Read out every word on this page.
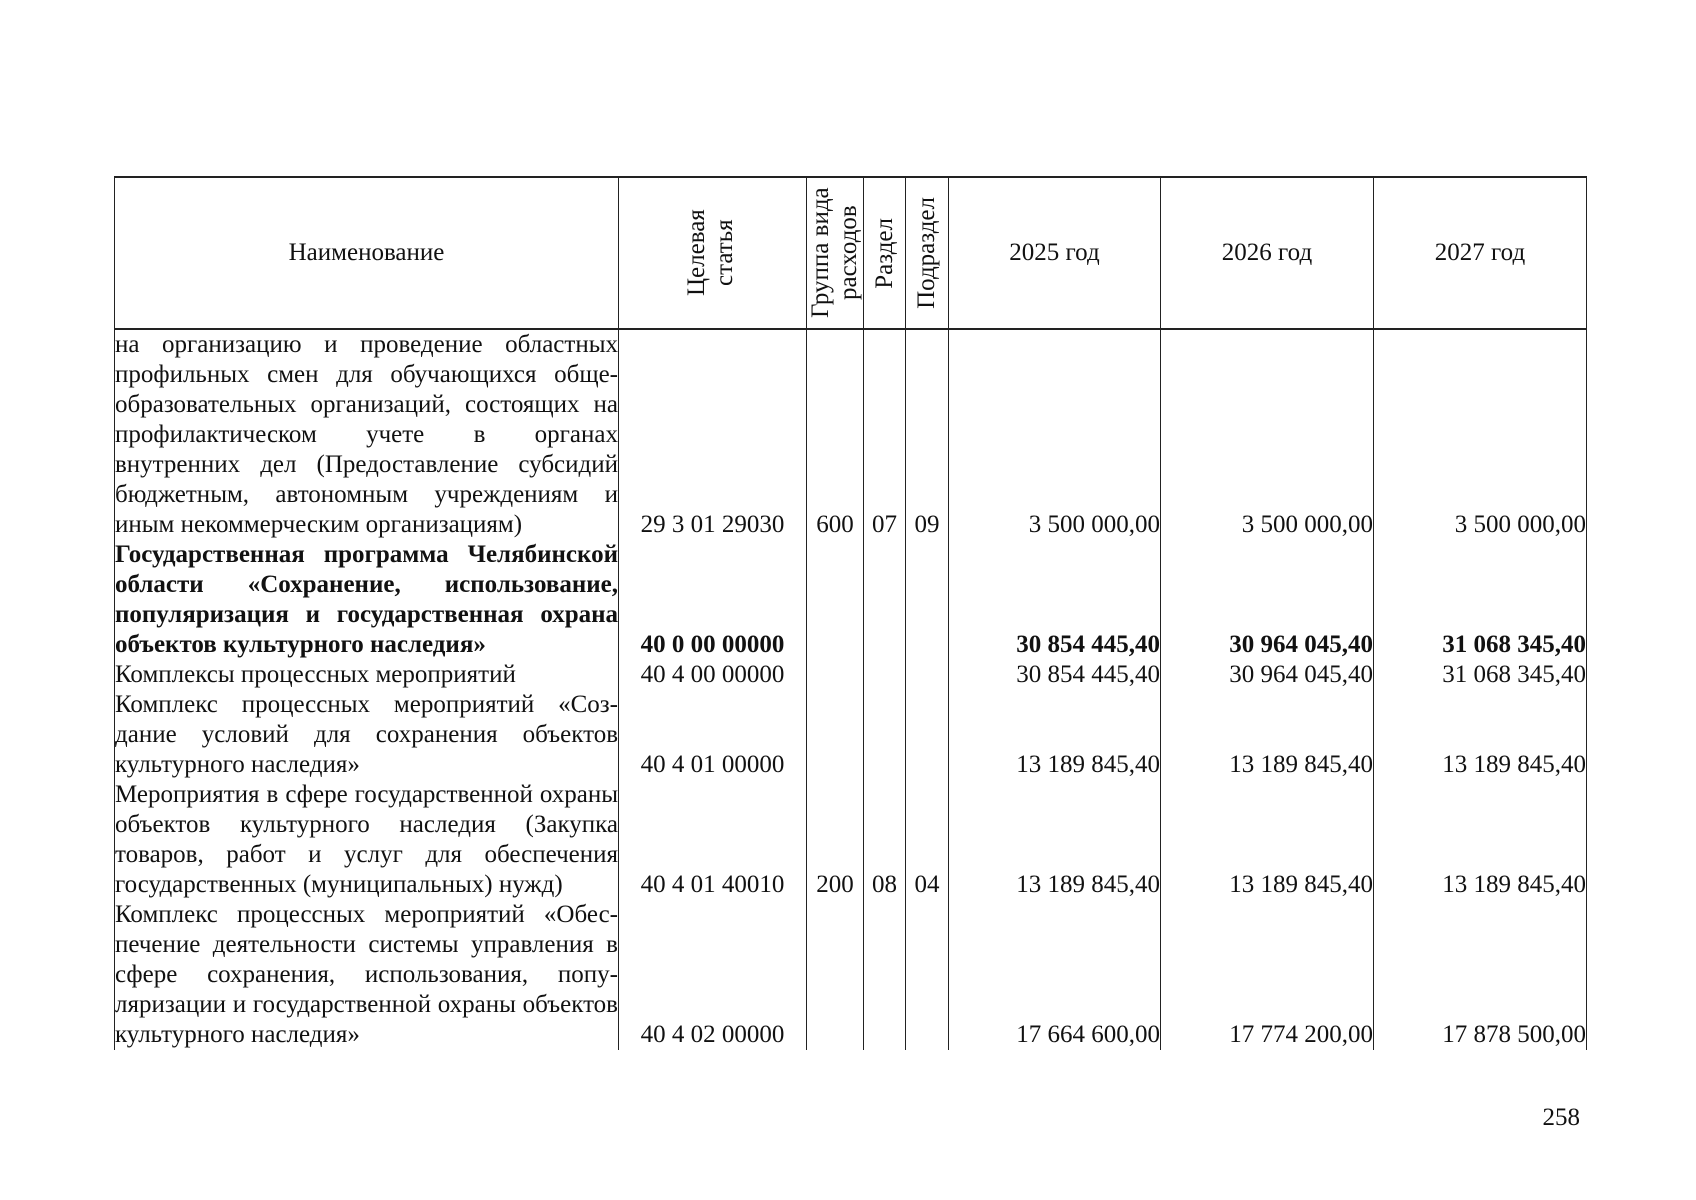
Наименование	Целевая статья	Группа вида расходов	Раздел	Подраздел	2025 год	2026 год	2027 год
на организацию и проведение областных профильных смен для обучающихся общеобразовательных организаций, состоящих на профилактическом учете в органах внутренних дел (Предоставление субсидий бюджетным, автономным учреждениям и иным некоммерческим организациям)	29 3 01 29030	600	07	09	3 500 000,00	3 500 000,00	3 500 000,00
Государственная программа Челябинской области «Сохранение, использование, популяризация и государственная охрана объектов культурного наследия»	40 0 00 00000				30 854 445,40	30 964 045,40	31 068 345,40
Комплексы процессных мероприятий	40 4 00 00000				30 854 445,40	30 964 045,40	31 068 345,40
Комплекс процессных мероприятий «Создание условий для сохранения объектов культурного наследия»	40 4 01 00000				13 189 845,40	13 189 845,40	13 189 845,40
Мероприятия в сфере государственной охраны объектов культурного наследия (Закупка товаров, работ и услуг для обеспечения государственных (муниципальных) нужд)	40 4 01 40010	200	08	04	13 189 845,40	13 189 845,40	13 189 845,40
Комплекс процессных мероприятий «Обеспечение деятельности системы управления в сфере сохранения, использования, популяризации и государственной охраны объектов культурного наследия»	40 4 02 00000				17 664 600,00	17 774 200,00	17 878 500,00
258
